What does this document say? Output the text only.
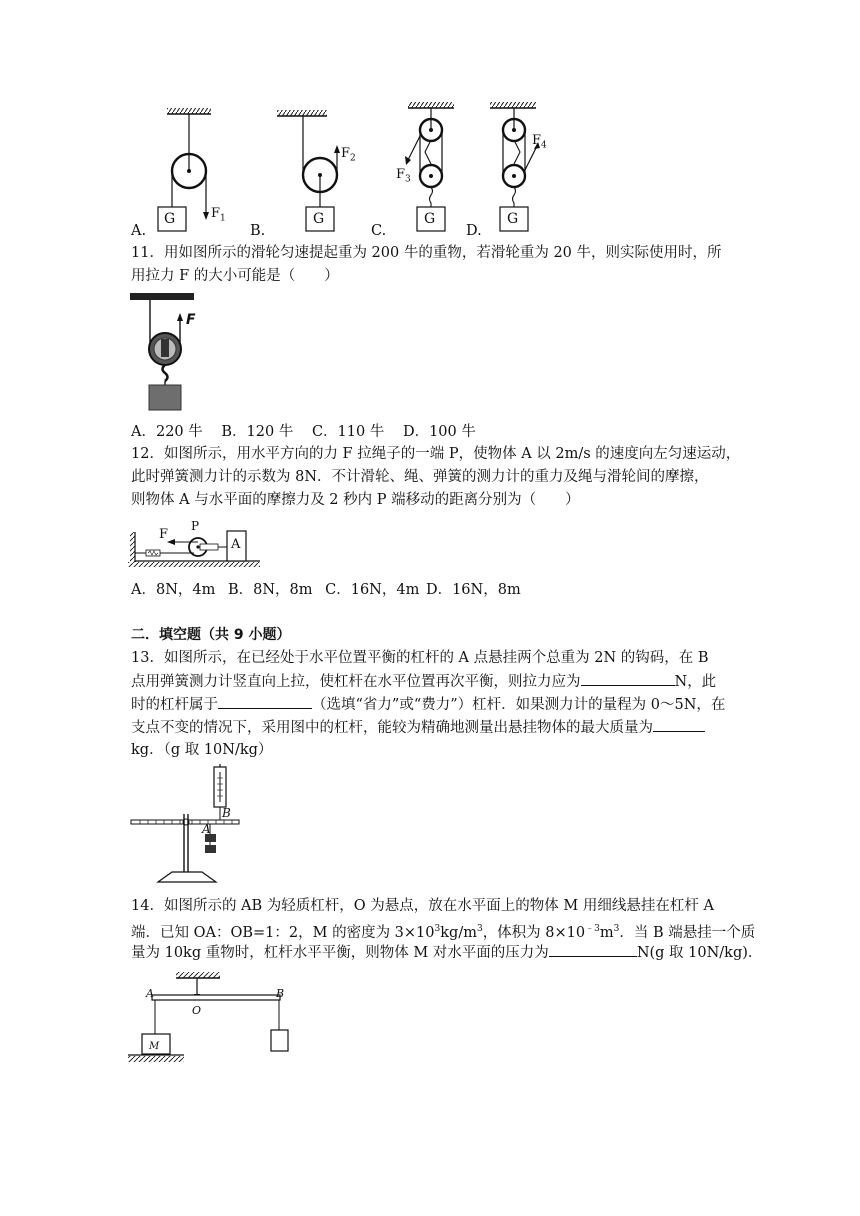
G	G	G	G
$F_1$
$F_2$
$F_3$
$F_4$
A.	B.	C.	D.
11．用如图所示的滑轮匀速提起重为 200 牛的重物，若滑轮重为 20 牛，则实际使用时，所
用拉力 F 的大小可能是（　　）
F
A．220 牛 B．120 牛 C．110 牛 D．100 牛
12．如图所示，用水平方向的力 F 拉绳子的一端 P，使物体 A 以 2m/s 的速度向左匀速运动，
此时弹簧测力计的示数为 8N．不计滑轮、绳、弹簧的测力计的重力及绳与滑轮间的摩擦，
则物体 A 与水平面的摩擦力及 2 秒内 P 端移动的距离分别为（　　）
F
P
A
A．8N，4m B．8N，8m C．16N，4m D．16N，8m
二．填空题（共 9 小题）
13．如图所示，在已经处于水平位置平衡的杠杆的 A 点悬挂两个总重为 2N 的钩码，在 B
点用弹簧测力计竖直向上拉，使杠杆在水平位置再次平衡，则拉力应为	N，此
时的杠杆属于	（选填“省力”或“费力”）杠杆．如果测力计的量程为 0～5N，在
支点不变的情况下，采用图中的杠杆，能较为精确地测量出悬挂物体的最大质量为
kg．（g 取 10N/kg）
A
B
14．如图所示的 AB 为轻质杠杆，O 为悬点，放在水平面上的物体 M 用细线悬挂在杠杆 A
端．已知 OA：OB=1：2，M 的密度为 $3\times 10^3kg/m^3$，体积为 $8\times 10^{﹣3}m^3$．当 B 端悬挂一个质
量为 10kg 重物时，杠杆水平平衡，则物体 M 对水平面的压力为	N(g 取 10N/kg)．
A	B
O
M
